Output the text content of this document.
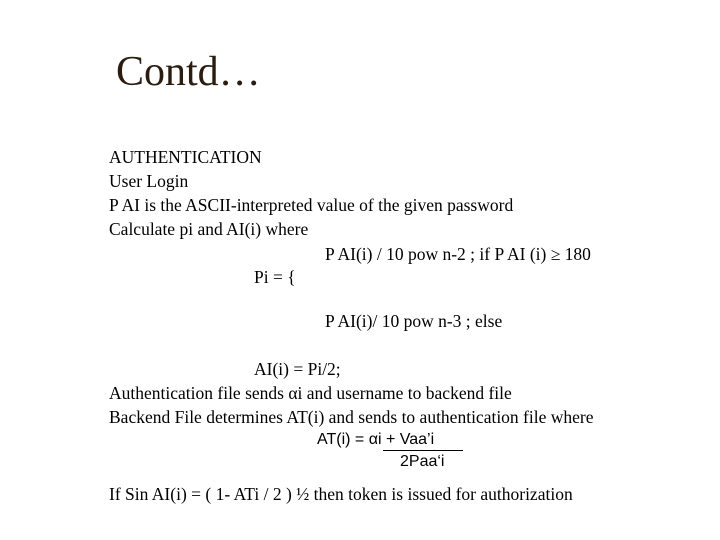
Contd…
AUTHENTICATION
User Login
P AI is the ASCII-interpreted value of the given password
Calculate pi and AI(i) where
P AI(i) / 10 pow n-2 ; if P AI (i) ≥ 180
Pi = {
P AI(i)/ 10 pow n-3 ; else
AI(i) = Pi/2;
Authentication file sends αi and username to backend file
Backend File determines AT(i) and sends to authentication file where
AT(i) = αi + Vaa’i
2Paa‘i
If Sin AI(i) = ( 1- ATi / 2 ) ½ then token is issued for authorization
